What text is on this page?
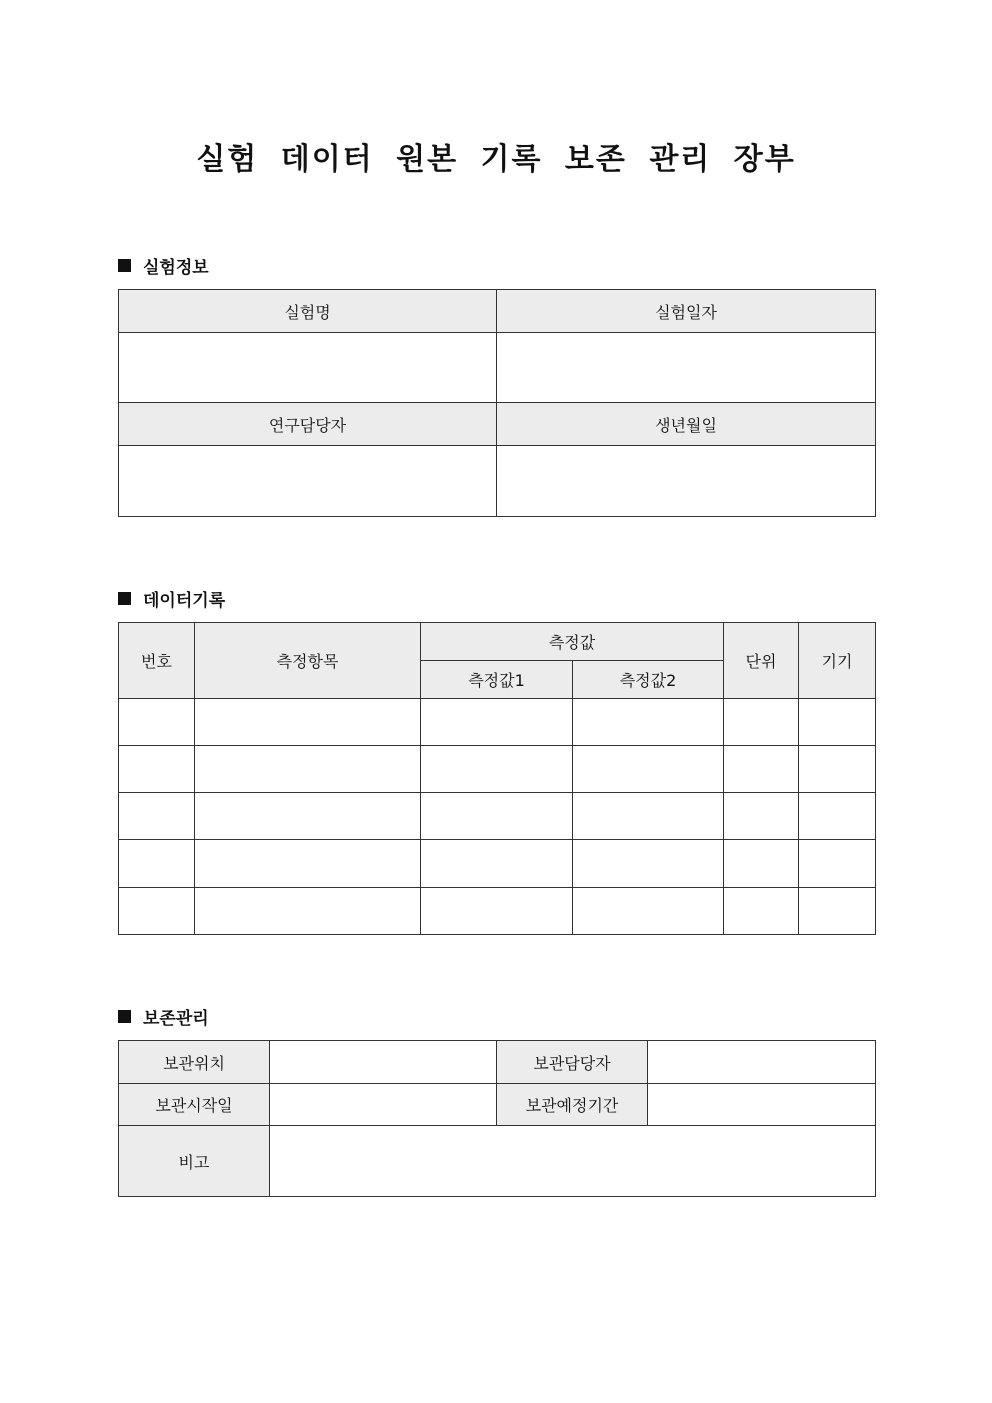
실험 데이터 원본 기록 보존 관리 장부
실험정보
실험명	실험일자

연구담당자	생년월일

데이터기록
번호	측정항목	측정값		단위	기기
		측정값1	측정값2		

보존관리
보관위치		보관담당자	
보관시작일		보관예정기간	
비고			
